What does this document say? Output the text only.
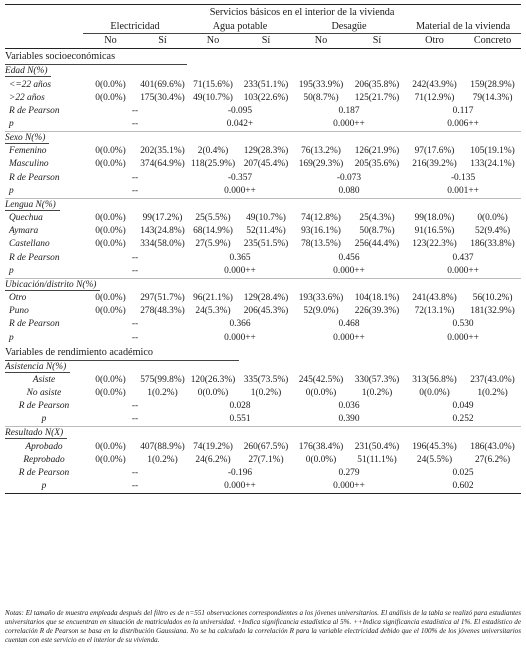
	Servicios básicos en el interior de la vivienda							
	Electricidad		Agua potable		Desagüe		Material de la vivienda	
	No	Sí	No	Sí	No	Sí	Otro	Concreto
Variables socioeconómicas								
Edad N(%)								
<=22 años	0(0.0%)	401(69.6%)	71(15.6%)	233(51.1%)	195(33.9%)	206(35.8%)	242(43.9%)	159(28.9%)
>22 años	0(0.0%)	175(30.4%)	49(10.7%)	103(22.6%)	50(8.7%)	125(21.7%)	71(12.9%)	79(14.3%)
R de Pearson	--		-0.095		0.187		0.117	
p	--		0.042+		0.000++		0.006++	
Sexo N(%)								
Femenino	0(0.0%)	202(35.1%)	2(0.4%)	129(28.3%)	76(13.2%)	126(21.9%)	97(17.6%)	105(19.1%)
Masculino	0(0.0%)	374(64.9%)	118(25.9%)	207(45.4%)	169(29.3%)	205(35.6%)	216(39.2%)	133(24.1%)
R de Pearson	--		-0.357		-0.073		-0.135	
p	--		0.000++		0.080		0.001++	
Lengua N(%)								
Quechua	0(0.0%)	99(17.2%)	25(5.5%)	49(10.7%)	74(12.8%)	25(4.3%)	99(18.0%)	0(0.0%)
Aymara	0(0.0%)	143(24.8%)	68(14.9%)	52(11.4%)	93(16.1%)	50(8.7%)	91(16.5%)	52(9.4%)
Castellano	0(0.0%)	334(58.0%)	27(5.9%)	235(51.5%)	78(13.5%)	256(44.4%)	123(22.3%)	186(33.8%)
R de Pearson	--		0.365		0.456		0.437	
p	--		0.000++		0.000++		0.000++	
Ubicación/distrito N(%)								
Otro	0(0.0%)	297(51.7%)	96(21.1%)	129(28.4%)	193(33.6%)	104(18.1%)	241(43.8%)	56(10.2%)
Puno	0(0.0%)	278(48.3%)	24(5.3%)	206(45.3%)	52(9.0%)	226(39.3%)	72(13.1%)	181(32.9%)
R de Pearson	--		0.366		0.468		0.530	
p	--		0.000++		0.000++		0.000++	
Variables de rendimiento académico								
Asistencia N(%)								
Asiste	0(0.0%)	575(99.8%)	120(26.3%)	335(73.5%)	245(42.5%)	330(57.3%)	313(56.8%)	237(43.0%)
No asiste	0(0.0%)	1(0.2%)	0(0.0%)	1(0.2%)	0(0.0%)	1(0.2%)	0(0.0%)	1(0.2%)
R de Pearson	--		0.028		0.036		0.049	
p	--		0.551		0.390		0.252	
Resultado N(X)								
Aprobado	0(0.0%)	407(88.9%)	74(19.2%)	260(67.5%)	176(38.4%)	231(50.4%)	196(45.3%)	186(43.0%)
Reprobado	0(0.0%)	1(0.2%)	24(6.2%)	27(7.1%)	0(0.0%)	51(11.1%)	24(5.5%)	27(6.2%)
R de Pearson	--		-0.196		0.279		0.025	
p	--		0.000++		0.000++		0.602	
Notas: El tamaño de muestra empleada después del filtro es de n=551 observaciones correspondientes a los jóvenes universitarios. El análisis de la tabla se realizó para estudiantes universitarios que se encuentran en situación de matriculados en la universidad. +Indica significancia estadística al 5%. ++Indica significancia estadística al 1%. El estadístico de correlación R de Pearson se basa en la distribución Gaussiana. No se ha calculado la correlación R para la variable electricidad debido que el 100% de los jóvenes universitarios cuentan con este servicio en el interior de su vivienda.
